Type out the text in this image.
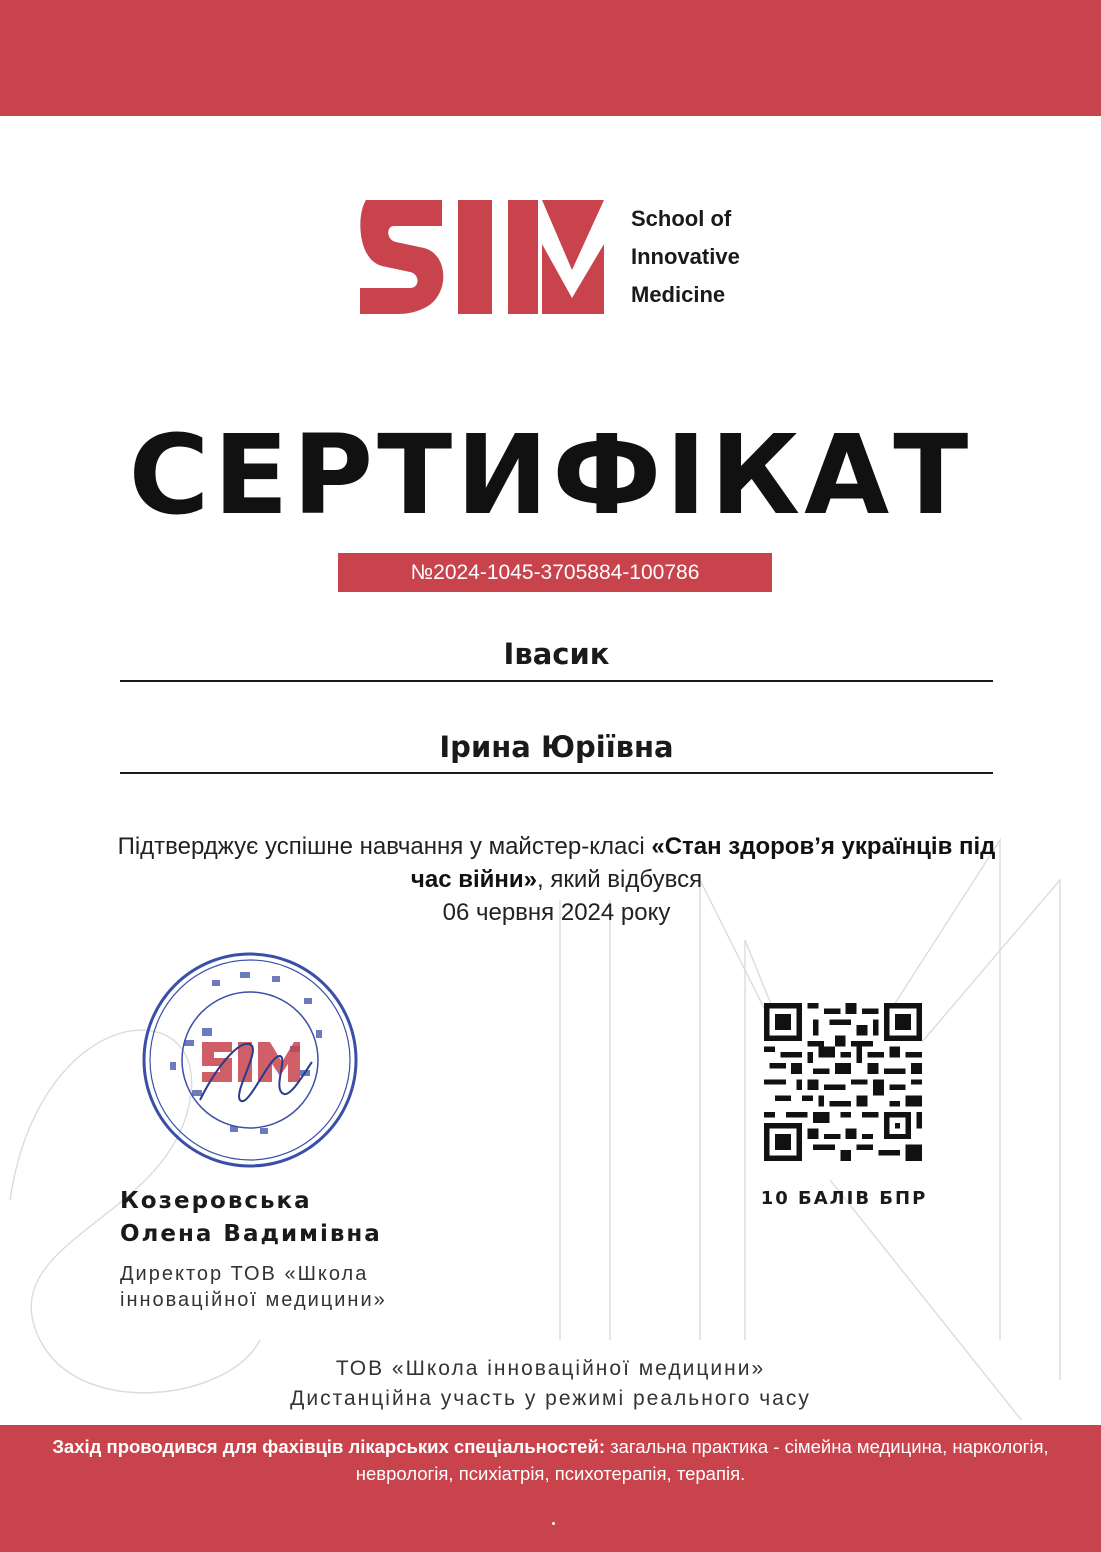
School of
Innovative
Medicine
СЕРТИФІКАТ
№2024-1045-3705884-100786
Івасик
Ірина Юріївна
Підтверджує успішне навчання у майстер-класі «Стан здоров’я українців під час війни», який відбувся
06 червня 2024 року
Козеровська
Олена Вадимівна
Директор ТОВ «Школа
інноваційної медицини»
10 БАЛІВ БПР
ТОВ «Школа інноваційної медицини»
Дистанційна участь у режимі реального часу
Захід проводився для фахівців лікарських спеціальностей: загальна практика - сімейна медицина, наркологія, неврологія, психіатрія, психотерапія, терапія.
